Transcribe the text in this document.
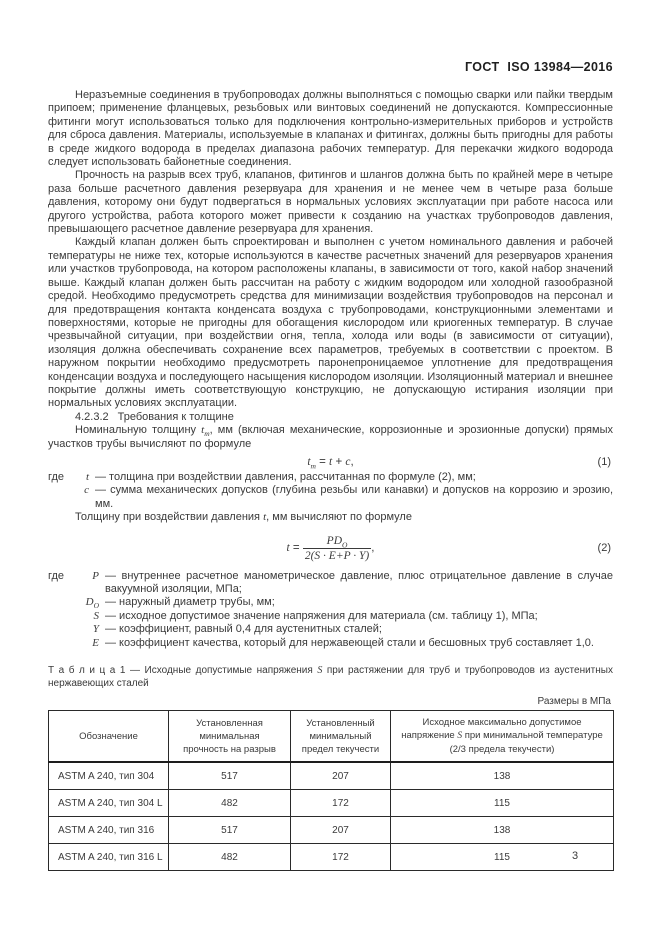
ГОСТ  ISO 13984—2016

Неразъемные соединения в трубопроводах должны выполняться с помощью сварки или пайки твердым припоем; применение фланцевых, резьбовых или винтовых соединений не допускаются. Компрессионные фитинги могут использоваться только для подключения контрольно-измерительных приборов и устройств для сброса давления. Материалы, используемые в клапанах и фитингах, должны быть пригодны для работы в среде жидкого водорода в пределах диапазона рабочих температур. Для перекачки жидкого водорода следует использовать байонетные соединения.

Прочность на разрыв всех труб, клапанов, фитингов и шлангов должна быть по крайней мере в четыре раза больше расчетного давления резервуара для хранения и не менее чем в четыре раза больше давления, которому они будут подвергаться в нормальных условиях эксплуатации при работе насоса или другого устройства, работа которого может привести к созданию на участках трубопроводов давления, превышающего расчетное давление резервуара для хранения.

Каждый клапан должен быть спроектирован и выполнен с учетом номинального давления и рабочей температуры не ниже тех, которые используются в качестве расчетных значений для резервуаров хранения или участков трубопровода, на котором расположены клапаны, в зависимости от того, какой набор значений выше. Каждый клапан должен быть рассчитан на работу с жидким водородом или холодной газообразной средой. Необходимо предусмотреть средства для минимизации воздействия трубопроводов на персонал и для предотвращения контакта конденсата воздуха с трубопроводами, конструкционными элементами и поверхностями, которые не пригодны для обогащения кислородом или криогенных температур. В случае чрезвычайной ситуации, при воздействии огня, тепла, холода или воды (в зависимости от ситуации), изоляция должна обеспечивать сохранение всех параметров, требуемых в соответствии с проектом. В наружном покрытии необходимо предусмотреть паронепроницаемое уплотнение для предотвращения конденсации воздуха и последующего насыщения кислородом изоляции. Изоляционный материал и внешнее покрытие должны иметь соответствующую конструкцию, не допускающую истирания изоляции при нормальных условиях эксплуатации.

4.2.3.2 Требования к толщине

Номинальную толщину $t_m$, мм (включая механические, коррозионные и эрозионные допуски) прямых участков трубы вычисляют по формуле

$t_m = t + c$,	(1)
где	t — толщина при воздействии давления, рассчитанная по формуле (2), мм;
c — сумма механических допусков (глубина резьбы или канавки) и допусков на коррозию и эрозию, мм.

Толщину при воздействии давления t, мм вычисляют по формуле

$t = \frac{PD_O}{2(S \cdot E+P \cdot Y)}$ ,	(2)
где	P — внутреннее расчетное манометрическое давление, плюс отрицательное давление в случае вакуумной изоляции, МПа;
$D_O$ — наружный диаметр трубы, мм;
S — исходное допустимое значение напряжения для материала (см. таблицу 1), МПа;
Y — коэффициент, равный 0,4 для аустенитных сталей;
E — коэффициент качества, который для нержавеющей стали и бесшовных труб составляет 1,0.

Т а б л и ц а 1 — Исходные допустимые напряжения S при растяжении для труб и трубопроводов из аустенитных нержавеющих сталей

Размеры в МПа
Обозначение	Установленная минимальная прочность на разрыв	Установленный минимальный предел текучести	Исходное максимально допустимое напряжение S при минимальной температуре (2/3 предела текучести)
ASTM A 240, тип 304	517	207	138
ASTM A 240, тип 304 L	482	172	115
ASTM A 240, тип 316	517	207	138
ASTM A 240, тип 316 L	482	172	115	3
